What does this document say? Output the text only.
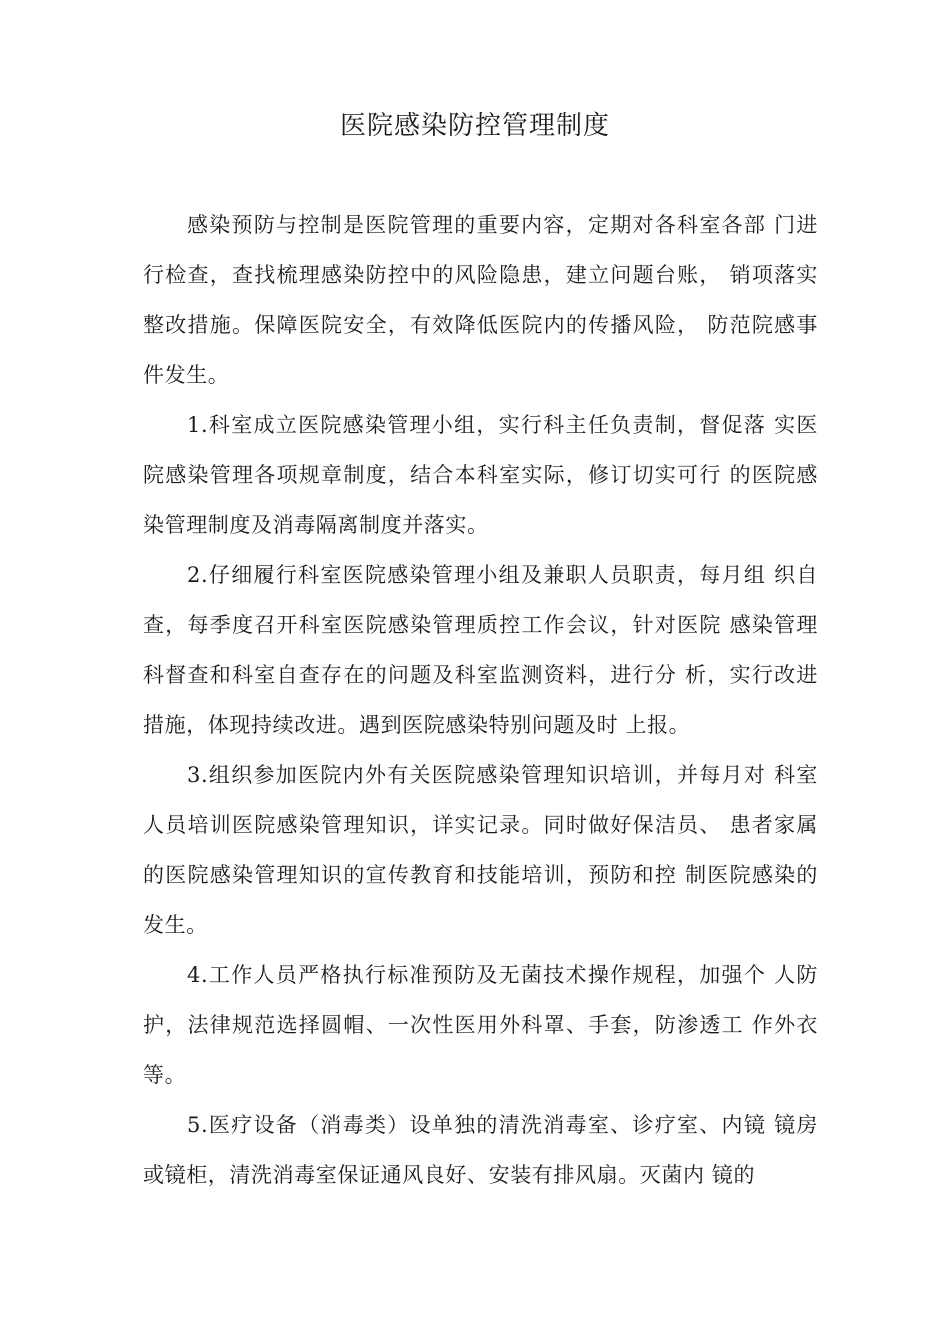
医院感染防控管理制度

感染预防与控制是医院管理的重要内容，定期对各科室各部 门进行检查，查找梳理感染防控中的风险隐患，建立问题台账， 销项落实整改措施。保障医院安全，有效降低医院内的传播风险， 防范院感事件发生。

1.科室成立医院感染管理小组，实行科主任负责制，督促落 实医院感染管理各项规章制度，结合本科室实际，修订切实可行 的医院感染管理制度及消毒隔离制度并落实。

2.仔细履行科室医院感染管理小组及兼职人员职责，每月组 织自查，每季度召开科室医院感染管理质控工作会议，针对医院 感染管理科督查和科室自查存在的问题及科室监测资料，进行分 析，实行改进措施，体现持续改进。遇到医院感染特别问题及时 上报。

3.组织参加医院内外有关医院感染管理知识培训，并每月对 科室人员培训医院感染管理知识，详实记录。同时做好保洁员、 患者家属的医院感染管理知识的宣传教育和技能培训，预防和控 制医院感染的发生。

4.工作人员严格执行标准预防及无菌技术操作规程，加强个 人防护，法律规范选择圆帽、一次性医用外科罩、手套，防渗透工 作外衣等。

5.医疗设备（消毒类）设单独的清洗消毒室、诊疗室、内镜 镜房或镜柜，清洗消毒室保证通风良好、安装有排风扇。灭菌内 镜的
